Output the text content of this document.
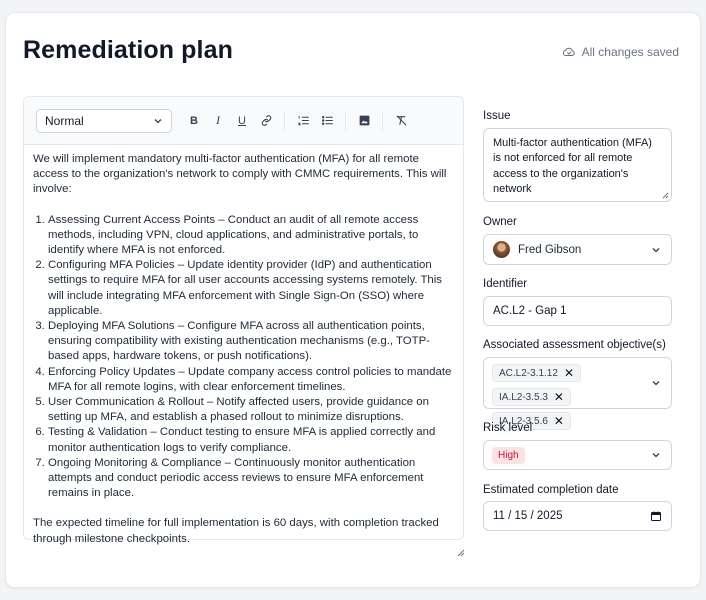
Remediation plan	All changes saved
Normal	B I U

We will implement mandatory multi-factor authentication (MFA) for all remote access to the organization's network to comply with CMMC requirements. This will involve:

1. Assessing Current Access Points – Conduct an audit of all remote access methods, including VPN, cloud applications, and administrative portals, to identify where MFA is not enforced.
2. Configuring MFA Policies – Update identity provider (IdP) and authentication settings to require MFA for all user accounts accessing systems remotely. This will include integrating MFA enforcement with Single Sign-On (SSO) where applicable.
3. Deploying MFA Solutions – Configure MFA across all authentication points, ensuring compatibility with existing authentication mechanisms (e.g., TOTP-based apps, hardware tokens, or push notifications).
4. Enforcing Policy Updates – Update company access control policies to mandate MFA for all remote logins, with clear enforcement timelines.
5. User Communication & Rollout – Notify affected users, provide guidance on setting up MFA, and establish a phased rollout to minimize disruptions.
6. Testing & Validation – Conduct testing to ensure MFA is applied correctly and monitor authentication logs to verify compliance.
7. Ongoing Monitoring & Compliance – Continuously monitor authentication attempts and conduct periodic access reviews to ensure MFA enforcement remains in place.

The expected timeline for full implementation is 60 days, with completion tracked through milestone checkpoints.

Issue
Multi-factor authentication (MFA) is not enforced for all remote access to the organization's network
Owner
Fred Gibson
Identifier
AC.L2 - Gap 1
Associated assessment objective(s)
AC.L2-3.1.12 ✕
IA.L2-3.5.3 ✕
IA.L2-3.5.6 ✕
Risk level
High
Estimated completion date
11 / 15 / 2025
